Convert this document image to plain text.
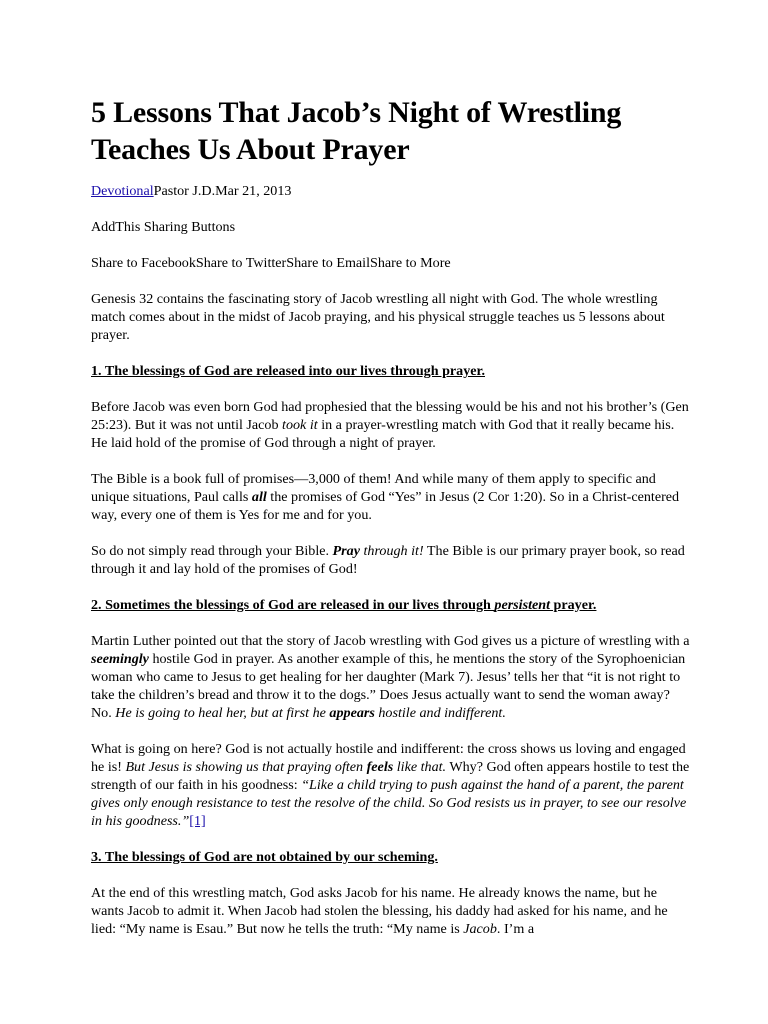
5 Lessons That Jacob’s Night of Wrestling Teaches Us About Prayer

DevotionalPastor J.D.Mar 21, 2013

AddThis Sharing Buttons

Share to FacebookShare to TwitterShare to EmailShare to More

Genesis 32 contains the fascinating story of Jacob wrestling all night with God. The whole wrestling match comes about in the midst of Jacob praying, and his physical struggle teaches us 5 lessons about prayer.

1. The blessings of God are released into our lives through prayer.

Before Jacob was even born God had prophesied that the blessing would be his and not his brother’s (Gen 25:23). But it was not until Jacob took it in a prayer-wrestling match with God that it really became his. He laid hold of the promise of God through a night of prayer.

The Bible is a book full of promises—3,000 of them! And while many of them apply to specific and unique situations, Paul calls all the promises of God “Yes” in Jesus (2 Cor 1:20). So in a Christ-centered way, every one of them is Yes for me and for you.

So do not simply read through your Bible. Pray through it! The Bible is our primary prayer book, so read through it and lay hold of the promises of God!

2. Sometimes the blessings of God are released in our lives through persistent prayer.

Martin Luther pointed out that the story of Jacob wrestling with God gives us a picture of wrestling with a seemingly hostile God in prayer. As another example of this, he mentions the story of the Syrophoenician woman who came to Jesus to get healing for her daughter (Mark 7). Jesus’ tells her that “it is not right to take the children’s bread and throw it to the dogs.” Does Jesus actually want to send the woman away? No. He is going to heal her, but at first he appears hostile and indifferent.

What is going on here? God is not actually hostile and indifferent: the cross shows us loving and engaged he is! But Jesus is showing us that praying often feels like that. Why? God often appears hostile to test the strength of our faith in his goodness: “Like a child trying to push against the hand of a parent, the parent gives only enough resistance to test the resolve of the child. So God resists us in prayer, to see our resolve in his goodness.”[1]

3. The blessings of God are not obtained by our scheming.

At the end of this wrestling match, God asks Jacob for his name. He already knows the name, but he wants Jacob to admit it. When Jacob had stolen the blessing, his daddy had asked for his name, and he lied: “My name is Esau.” But now he tells the truth: “My name is Jacob. I’m a
